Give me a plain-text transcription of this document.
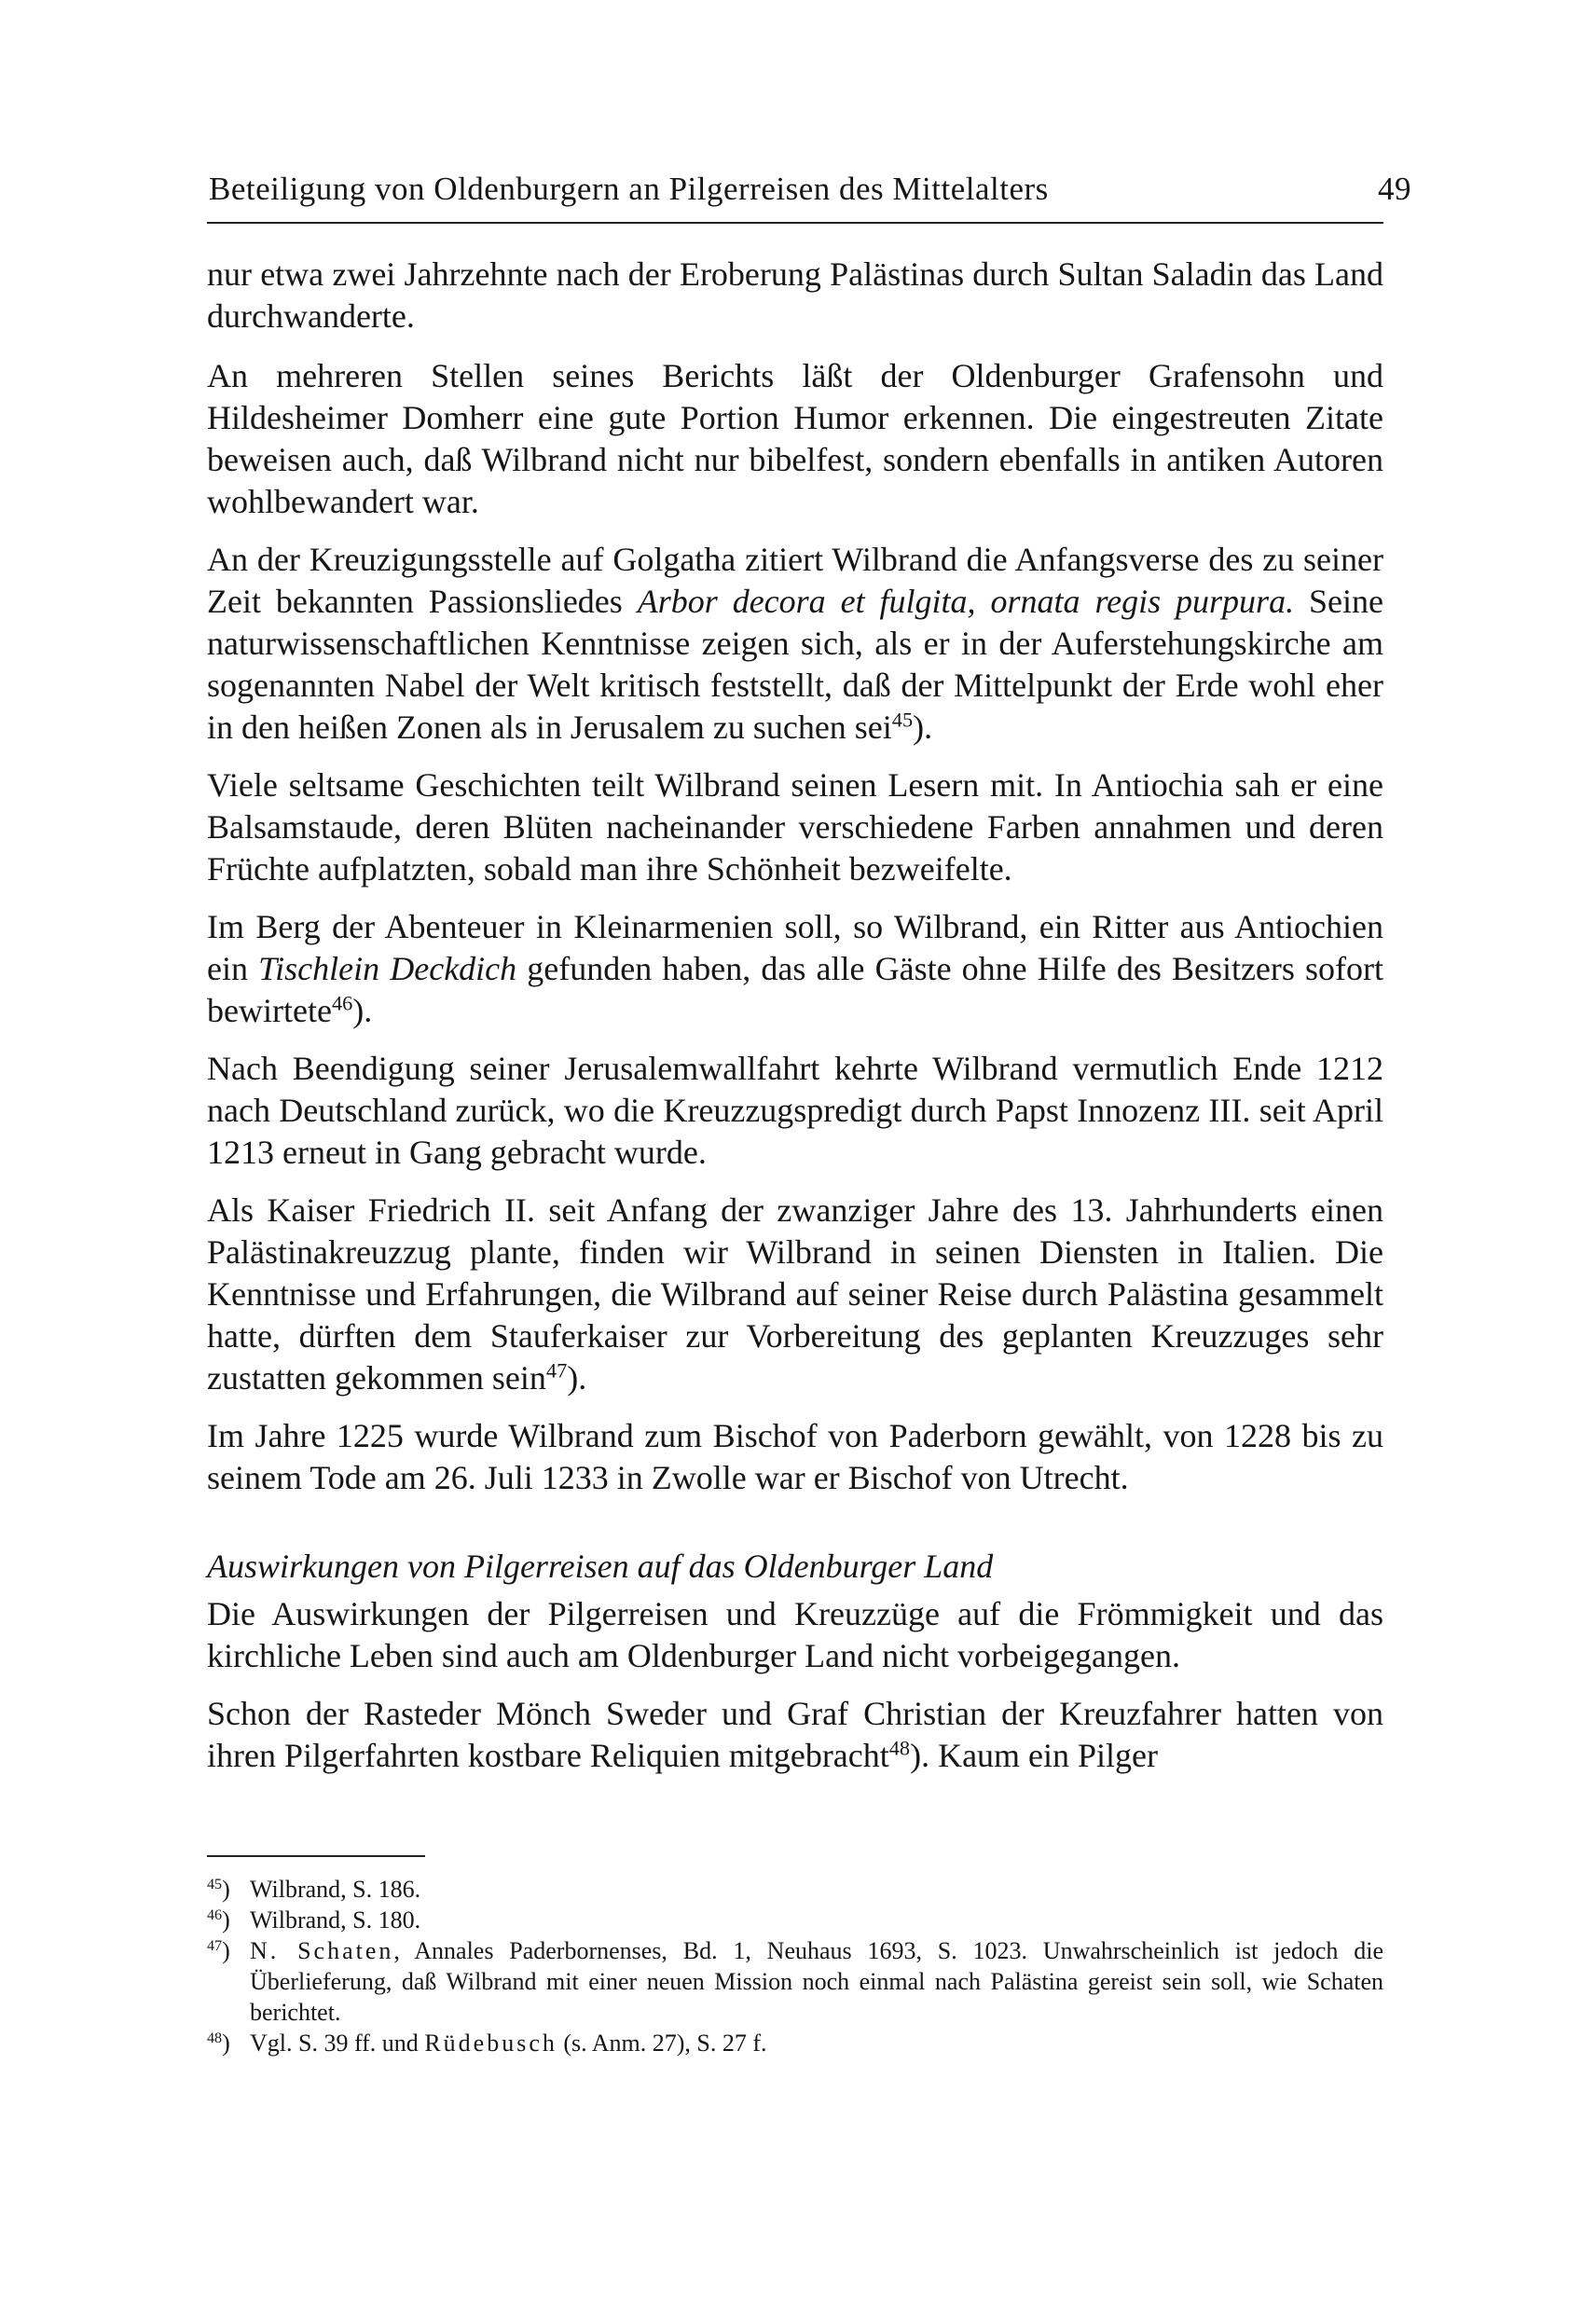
Beteiligung von Oldenburgern an Pilgerreisen des Mittelalters	49

nur etwa zwei Jahrzehnte nach der Eroberung Palästinas durch Sultan Saladin das Land durchwanderte.

An mehreren Stellen seines Berichts läßt der Oldenburger Grafensohn und Hildesheimer Domherr eine gute Portion Humor erkennen. Die eingestreuten Zitate beweisen auch, daß Wilbrand nicht nur bibelfest, sondern ebenfalls in antiken Autoren wohlbewandert war.

An der Kreuzigungsstelle auf Golgatha zitiert Wilbrand die Anfangsverse des zu seiner Zeit bekannten Passionsliedes Arbor decora et fulgita, ornata regis purpura. Seine naturwissenschaftlichen Kenntnisse zeigen sich, als er in der Auferstehungskirche am sogenannten Nabel der Welt kritisch feststellt, daß der Mittelpunkt der Erde wohl eher in den heißen Zonen als in Jerusalem zu suchen sei$^{45}$).

Viele seltsame Geschichten teilt Wilbrand seinen Lesern mit. In Antiochia sah er eine Balsamstaude, deren Blüten nacheinander verschiedene Farben annahmen und deren Früchte aufplatzten, sobald man ihre Schönheit bezweifelte.

Im Berg der Abenteuer in Kleinarmenien soll, so Wilbrand, ein Ritter aus Antiochien ein Tischlein Deckdich gefunden haben, das alle Gäste ohne Hilfe des Besitzers sofort bewirtete$^{46}$).

Nach Beendigung seiner Jerusalemwallfahrt kehrte Wilbrand vermutlich Ende 1212 nach Deutschland zurück, wo die Kreuzzugspredigt durch Papst Innozenz III. seit April 1213 erneut in Gang gebracht wurde.

Als Kaiser Friedrich II. seit Anfang der zwanziger Jahre des 13. Jahrhunderts einen Palästinakreuzzug plante, finden wir Wilbrand in seinen Diensten in Italien. Die Kenntnisse und Erfahrungen, die Wilbrand auf seiner Reise durch Palästina gesammelt hatte, dürften dem Stauferkaiser zur Vorbereitung des geplanten Kreuzzuges sehr zustatten gekommen sein$^{47}$).

Im Jahre 1225 wurde Wilbrand zum Bischof von Paderborn gewählt, von 1228 bis zu seinem Tode am 26. Juli 1233 in Zwolle war er Bischof von Utrecht.

Auswirkungen von Pilgerreisen auf das Oldenburger Land

Die Auswirkungen der Pilgerreisen und Kreuzzüge auf die Frömmigkeit und das kirchliche Leben sind auch am Oldenburger Land nicht vorbeigegangen.

Schon der Rasteder Mönch Sweder und Graf Christian der Kreuzfahrer hatten von ihren Pilgerfahrten kostbare Reliquien mitgebracht$^{48}$). Kaum ein Pilger

$^{45}$) Wilbrand, S. 186.
$^{46}$) Wilbrand, S. 180.
$^{47}$) N. Schaten, Annales Paderbornenses, Bd. 1, Neuhaus 1693, S. 1023. Unwahrscheinlich ist jedoch die Überlieferung, daß Wilbrand mit einer neuen Mission noch einmal nach Palästina gereist sein soll, wie Schaten berichtet.
$^{48}$) Vgl. S. 39 ff. und Rüdebusch (s. Anm. 27), S. 27 f.
